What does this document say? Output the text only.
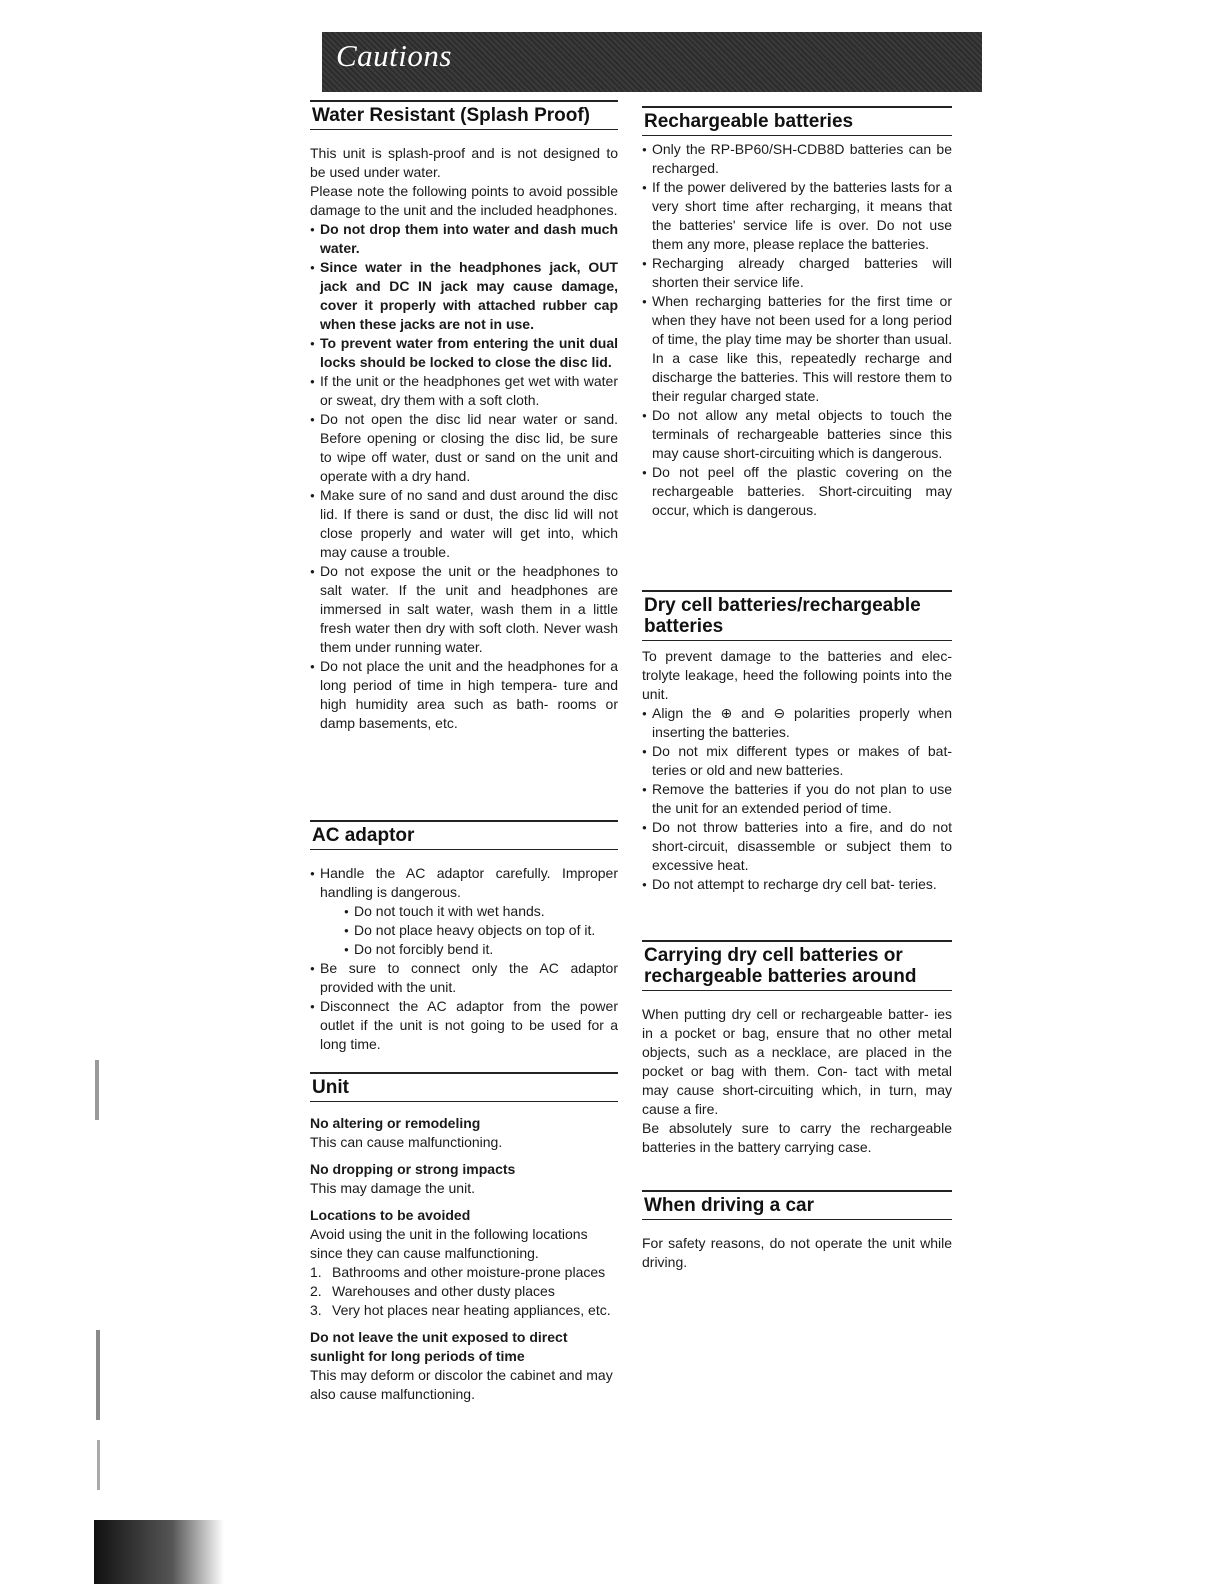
Cautions
Water Resistant (Splash Proof)

This unit is splash-proof and is not designed to be used under water.

Please note the following points to avoid possible damage to the unit and the included headphones.

● Do not drop them into water and dash much water.
● Since water in the headphones jack, OUT jack and DC IN jack may cause damage, cover it properly with attached rubber cap when these jacks are not in use.
● To prevent water from entering the unit dual locks should be locked to close the disc lid.
● If the unit or the headphones get wet with water or sweat, dry them with a soft cloth.
● Do not open the disc lid near water or sand. Before opening or closing the disc lid, be sure to wipe off water, dust or sand on the unit and operate with a dry hand.
● Make sure of no sand and dust around the disc lid. If there is sand or dust, the disc lid will not close properly and water will get into, which may cause a trouble.
● Do not expose the unit or the headphones to salt water. If the unit and headphones are immersed in salt water, wash them in a little fresh water then dry with soft cloth. Never wash them under running water.
● Do not place the unit and the headphones for a long period of time in high tempera- ture and high humidity area such as bath- rooms or damp basements, etc.
AC adaptor
● Handle the AC adaptor carefully. Improper handling is dangerous.
● Do not touch it with wet hands.
● Do not place heavy objects on top of it.
● Do not forcibly bend it.
● Be sure to connect only the AC adaptor provided with the unit.
● Disconnect the AC adaptor from the power outlet if the unit is not going to be used for a long time.
Unit
No altering or remodeling
This can cause malfunctioning.
No dropping or strong impacts
This may damage the unit.
Locations to be avoided
Avoid using the unit in the following locations since they can cause malfunctioning.
1. Bathrooms and other moisture-prone places
2. Warehouses and other dusty places
3. Very hot places near heating appliances, etc.
Do not leave the unit exposed to direct sunlight for long periods of time
This may deform or discolor the cabinet and may also cause malfunctioning.
Rechargeable batteries
● Only the RP-BP60/SH-CDB8D batteries can be recharged.
● If the power delivered by the batteries lasts for a very short time after recharging, it means that the batteries' service life is over. Do not use them any more, please replace the batteries.
● Recharging already charged batteries will shorten their service life.
● When recharging batteries for the first time or when they have not been used for a long period of time, the play time may be shorter than usual. In a case like this, repeatedly recharge and discharge the batteries. This will restore them to their regular charged state.
● Do not allow any metal objects to touch the terminals of rechargeable batteries since this may cause short-circuiting which is dangerous.
● Do not peel off the plastic covering on the rechargeable batteries. Short-circuiting may occur, which is dangerous.
Dry cell batteries/rechargeable batteries

To prevent damage to the batteries and elec- trolyte leakage, heed the following points into the unit.

● Align the ⊕ and ⊖ polarities properly when inserting the batteries.
● Do not mix different types or makes of bat- teries or old and new batteries.
● Remove the batteries if you do not plan to use the unit for an extended period of time.
● Do not throw batteries into a fire, and do not short-circuit, disassemble or subject them to excessive heat.
● Do not attempt to recharge dry cell bat- teries.
Carrying dry cell batteries or rechargeable batteries around

When putting dry cell or rechargeable batter- ies in a pocket or bag, ensure that no other metal objects, such as a necklace, are placed in the pocket or bag with them. Con- tact with metal may cause short-circuiting which, in turn, may cause a fire.

Be absolutely sure to carry the rechargeable batteries in the battery carrying case.

When driving a car

For safety reasons, do not operate the unit while driving.
